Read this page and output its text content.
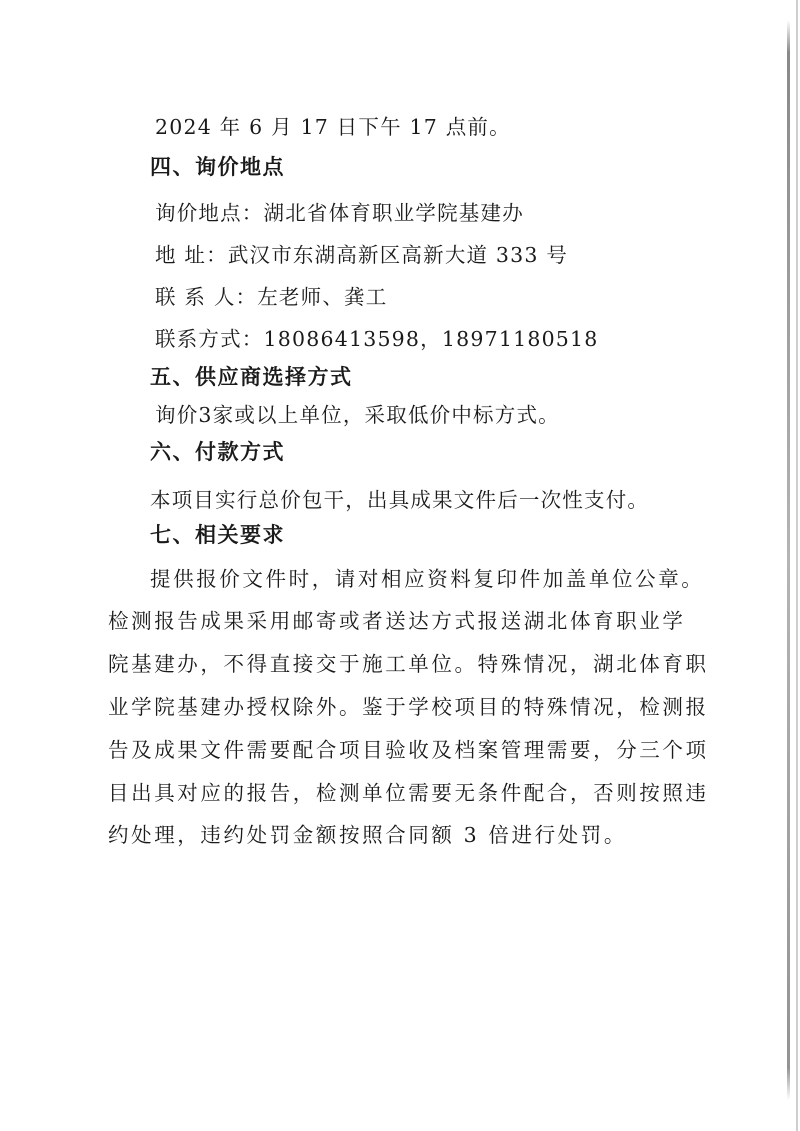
2024 年 6 月 17 日下午 17 点前。
四、询价地点
询价地点：湖北省体育职业学院基建办
地 址：武汉市东湖高新区高新大道 333 号
联 系 人：左老师、龚工
联系方式：18086413598，18971180518
五、供应商选择方式
询价3家或以上单位，采取低价中标方式。
六、付款方式
本项目实行总价包干，出具成果文件后一次性支付。
七、相关要求
提供报价文件时，请对相应资料复印件加盖单位公章。
检测报告成果采用邮寄或者送达方式报送湖北体育职业学
院基建办，不得直接交于施工单位。特殊情况，湖北体育职
业学院基建办授权除外。鉴于学校项目的特殊情况，检测报
告及成果文件需要配合项目验收及档案管理需要，分三个项
目出具对应的报告，检测单位需要无条件配合，否则按照违
约处理，违约处罚金额按照合同额 3 倍进行处罚。
